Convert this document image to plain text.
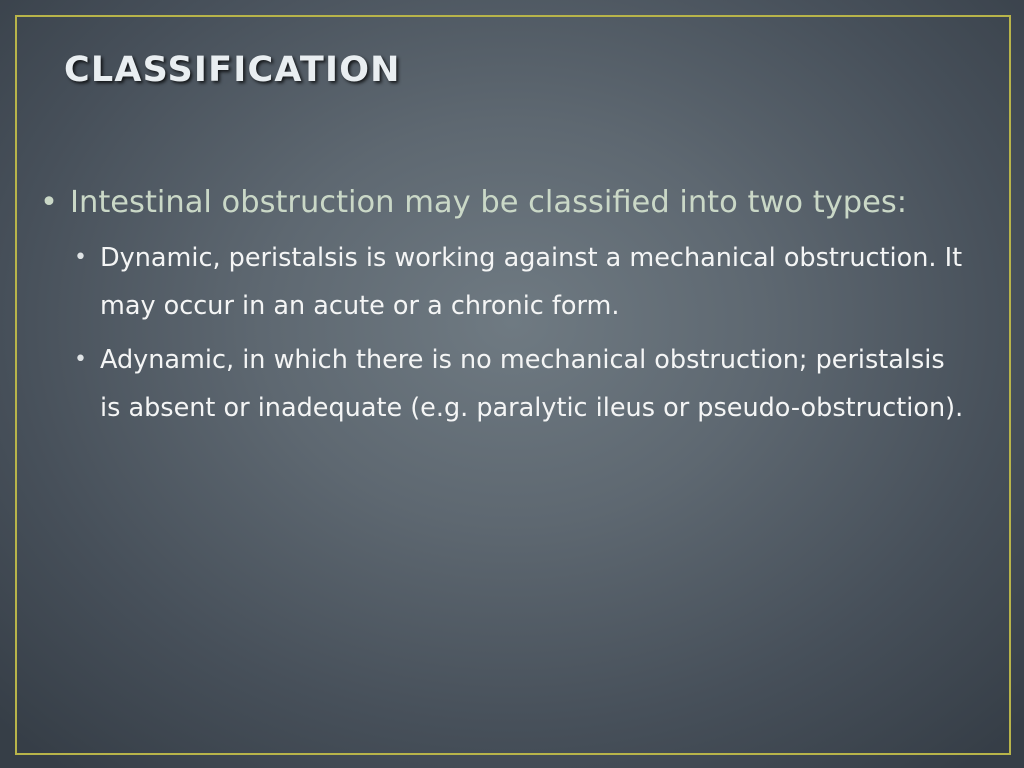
CLASSIFICATION
• Intestinal obstruction may be classified into two types:
• Dynamic, peristalsis is working against a mechanical obstruction. It may occur in an acute or a chronic form.
• Adynamic, in which there is no mechanical obstruction; peristalsis is absent or inadequate (e.g. paralytic ileus or pseudo-obstruction).
